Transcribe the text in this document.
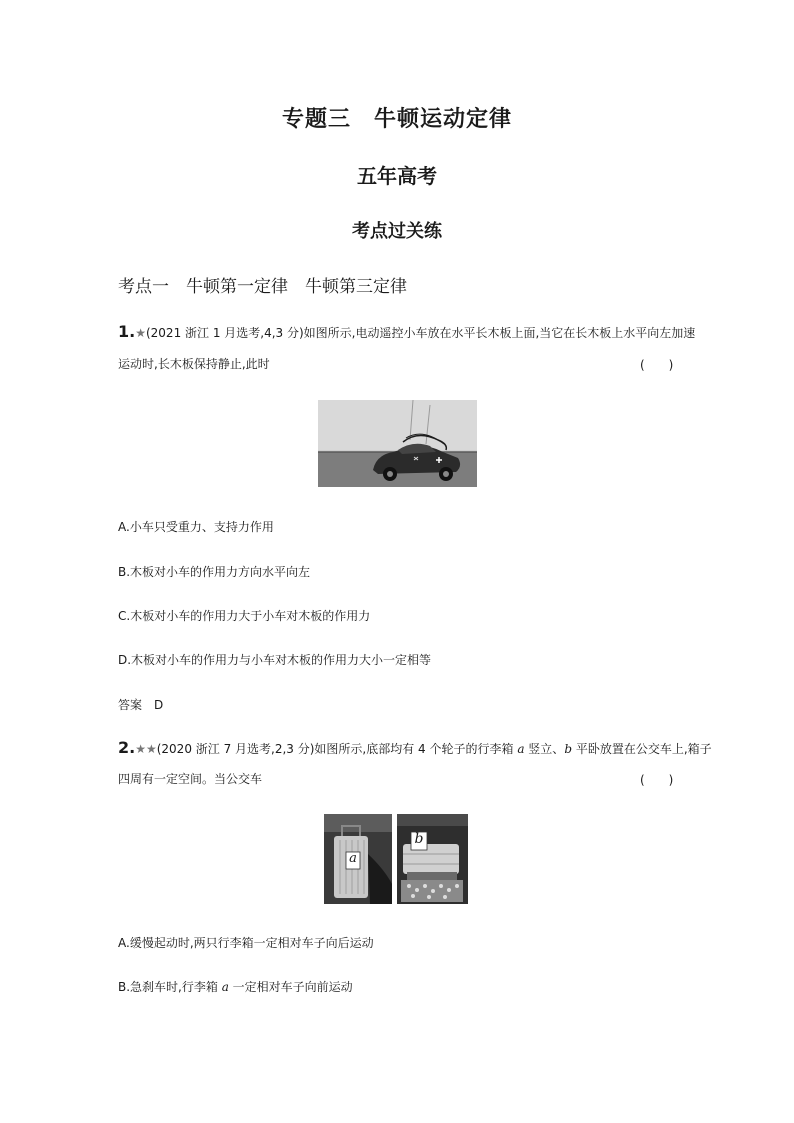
专题三　牛顿运动定律
五年高考
考点过关练
考点一　牛顿第一定律　牛顿第三定律
1.★(2021 浙江 1 月选考,4,3 分)如图所示,电动遥控小车放在水平长木板上面,当它在长木板上水平向左加速
运动时,长木板保持静止,此时	(　　)
A.小车只受重力、支持力作用
B.木板对小车的作用力方向水平向左
C.木板对小车的作用力大于小车对木板的作用力
D.木板对小车的作用力与小车对木板的作用力大小一定相等
答案　 D
2.★★(2020 浙江 7 月选考,2,3 分)如图所示,底部均有 4 个轮子的行李箱 a 竖立、b 平卧放置在公交车上,箱子
四周有一定空间。当公交车	(　　)
a
b
A.缓慢起动时,两只行李箱一定相对车子向后运动
B.急刹车时,行李箱 a 一定相对车子向前运动
